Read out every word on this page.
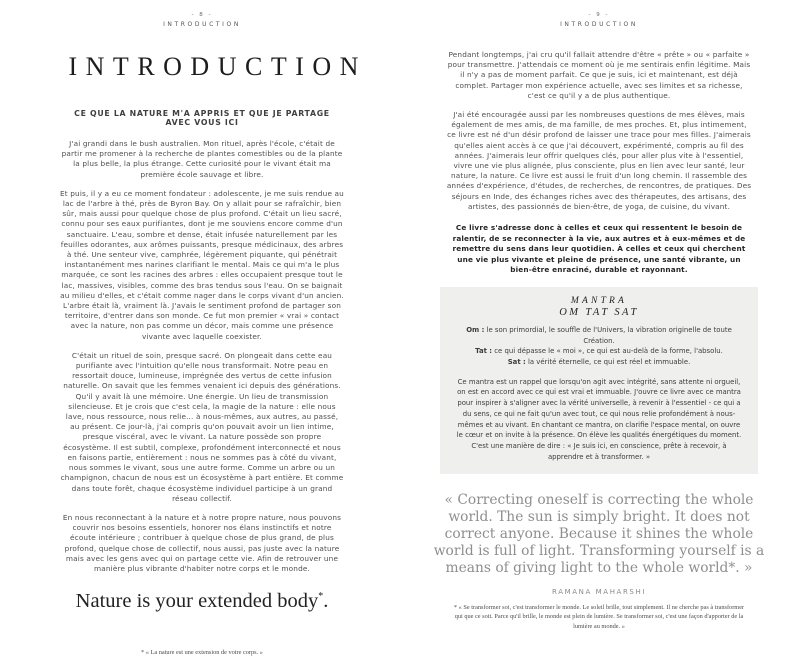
- 8 -
INTRODUCTION
INTRODUCTION
CE QUE LA NATURE M'A APPRIS ET QUE JE PARTAGE AVEC VOUS ICI

J'ai grandi dans le bush australien. Mon rituel, après l'école, c'était de partir me promener à la recherche de plantes comestibles ou de la plante la plus belle, la plus étrange. Cette curiosité pour le vivant était ma première école sauvage et libre.

Et puis, il y a eu ce moment fondateur : adolescente, je me suis rendue au lac de l'arbre à thé, près de Byron Bay. On y allait pour se rafraîchir, bien sûr, mais aussi pour quelque chose de plus profond. C'était un lieu sacré, connu pour ses eaux purifiantes, dont je me souviens encore comme d'un sanctuaire. L'eau, sombre et dense, était infusée naturellement par les feuilles odorantes, aux arômes puissants, presque médicinaux, des arbres à thé. Une senteur vive, camphrée, légèrement piquante, qui pénétrait instantanément mes narines clarifiant le mental. Mais ce qui m'a le plus marquée, ce sont les racines des arbres : elles occupaient presque tout le lac, massives, visibles, comme des bras tendus sous l'eau. On se baignait au milieu d'elles, et c'était comme nager dans le corps vivant d'un ancien. L'arbre était là, vraiment là. J'avais le sentiment profond de partager son territoire, d'entrer dans son monde. Ce fut mon premier « vrai » contact avec la nature, non pas comme un décor, mais comme une présence vivante avec laquelle coexister.

C'était un rituel de soin, presque sacré. On plongeait dans cette eau purifiante avec l'intuition qu'elle nous transformait. Notre peau en ressortait douce, lumineuse, imprégnée des vertus de cette infusion naturelle. On savait que les femmes venaient ici depuis des générations. Qu'il y avait là une mémoire. Une énergie. Un lieu de transmission silencieuse. Et je crois que c'est cela, la magie de la nature : elle nous lave, nous ressource, nous relie... à nous-mêmes, aux autres, au passé, au présent. Ce jour-là, j'ai compris qu'on pouvait avoir un lien intime, presque viscéral, avec le vivant. La nature possède son propre écosystème. Il est subtil, complexe, profondément interconnecté et nous en faisons partie, entièrement : nous ne sommes pas à côté du vivant, nous sommes le vivant, sous une autre forme. Comme un arbre ou un champignon, chacun de nous est un écosystème à part entière. Et comme dans toute forêt, chaque écosystème individuel participe à un grand réseau collectif.

En nous reconnectant à la nature et à notre propre nature, nous pouvons couvrir nos besoins essentiels, honorer nos élans instinctifs et notre écoute intérieure ; contribuer à quelque chose de plus grand, de plus profond, quelque chose de collectif, nous aussi, pas juste avec la nature mais avec les gens avec qui on partage cette vie. Afin de retrouver une manière plus vibrante d'habiter notre corps et le monde.

Nature is your extended body*.
* « La nature est une extension de votre corps. »
- 9 -
INTRODUCTION

Pendant longtemps, j'ai cru qu'il fallait attendre d'être « prête » ou « parfaite » pour transmettre. J'attendais ce moment où je me sentirais enfin légitime. Mais il n'y a pas de moment parfait. Ce que je suis, ici et maintenant, est déjà complet. Partager mon expérience actuelle, avec ses limites et sa richesse, c'est ce qu'il y a de plus authentique.

J'ai été encouragée aussi par les nombreuses questions de mes élèves, mais également de mes amis, de ma famille, de mes proches. Et, plus intimement, ce livre est né d'un désir profond de laisser une trace pour mes filles. J'aimerais qu'elles aient accès à ce que j'ai découvert, expérimenté, compris au fil des années. J'aimerais leur offrir quelques clés, pour aller plus vite à l'essentiel, vivre une vie plus alignée, plus consciente, plus en lien avec leur santé, leur nature, la nature. Ce livre est aussi le fruit d'un long chemin. Il rassemble des années d'expérience, d'études, de recherches, de rencontres, de pratiques. Des séjours en Inde, des échanges riches avec des thérapeutes, des artisans, des artistes, des passionnés de bien-être, de yoga, de cuisine, du vivant.

Ce livre s'adresse donc à celles et ceux qui ressentent le besoin de ralentir, de se reconnecter à la vie, aux autres et à eux-mêmes et de remettre du sens dans leur quotidien. À celles et ceux qui cherchent une vie plus vivante et pleine de présence, une santé vibrante, un bien-être enraciné, durable et rayonnant.

MANTRA
OM TAT SAT
Om : le son primordial, le souffle de l'Univers, la vibration originelle de toute Création.
Tat : ce qui dépasse le « moi », ce qui est au-delà de la forme, l'absolu.
Sat : la vérité éternelle, ce qui est réel et immuable.
Ce mantra est un rappel que lorsqu'on agit avec intégrité, sans attente ni orgueil, on est en accord avec ce qui est vrai et immuable. J'ouvre ce livre avec ce mantra pour inspirer à s'aligner avec la vérité universelle, à revenir à l'essentiel - ce qui a du sens, ce qui ne fait qu'un avec tout, ce qui nous relie profondément à nous-mêmes et au vivant. En chantant ce mantra, on clarifie l'espace mental, on ouvre le cœur et on invite à la présence. On élève les qualités énergétiques du moment. C'est une manière de dire : « Je suis ici, en conscience, prête à recevoir, à apprendre et à transformer. »
« Correcting oneself is correcting the whole world. The sun is simply bright. It does not correct anyone. Because it shines the whole world is full of light. Transforming yourself is a means of giving light to the whole world*. »
RAMANA MAHARSHI
* « Se transformer soi, c'est transformer le monde. Le soleil brille, tout simplement. Il ne cherche pas à transformer qui que ce soit. Parce qu'il brille, le monde est plein de lumière. Se transformer soi, c'est une façon d'apporter de la lumière au monde. »
